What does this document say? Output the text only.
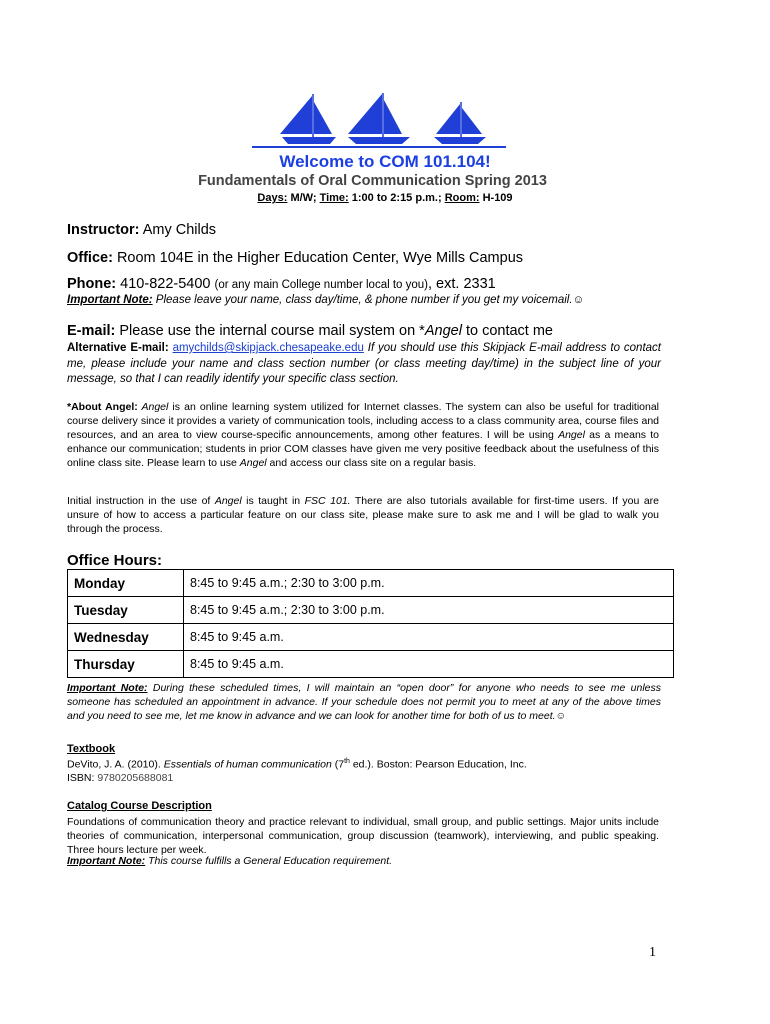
Welcome to COM 101.104!
Fundamentals of Oral Communication Spring 2013
Days: M/W; Time: 1:00 to 2:15 p.m.; Room: H-109
Instructor: Amy Childs
Office: Room 104E in the Higher Education Center, Wye Mills Campus
Phone: 410-822-5400 (or any main College number local to you), ext. 2331
Important Note: Please leave your name, class day/time, & phone number if you get my voicemail.☺
E-mail: Please use the internal course mail system on *Angel to contact me
Alternative E-mail: amychilds@skipjack.chesapeake.edu If you should use this Skipjack E-mail address to contact me, please include your name and class section number (or class meeting day/time) in the subject line of your message, so that I can readily identify your specific class section.
*About Angel: Angel is an online learning system utilized for Internet classes. The system can also be useful for traditional course delivery since it provides a variety of communication tools, including access to a class community area, course files and resources, and an area to view course-specific announcements, among other features. I will be using Angel as a means to enhance our communication; students in prior COM classes have given me very positive feedback about the usefulness of this online class site. Please learn to use Angel and access our class site on a regular basis.
Initial instruction in the use of Angel is taught in FSC 101. There are also tutorials available for first-time users. If you are unsure of how to access a particular feature on our class site, please make sure to ask me and I will be glad to walk you through the process.
Office Hours:
Monday	8:45 to 9:45 a.m.; 2:30 to 3:00 p.m.
Tuesday	8:45 to 9:45 a.m.; 2:30 to 3:00 p.m.
Wednesday	8:45 to 9:45 a.m.
Thursday	8:45 to 9:45 a.m.
Important Note: During these scheduled times, I will maintain an “open door” for anyone who needs to see me unless someone has scheduled an appointment in advance. If your schedule does not permit you to meet at any of the above times and you need to see me, let me know in advance and we can look for another time for both of us to meet.☺
Textbook
DeVito, J. A. (2010). Essentials of human communication (7th ed.). Boston: Pearson Education, Inc.
ISBN: 9780205688081
Catalog Course Description
Foundations of communication theory and practice relevant to individual, small group, and public settings. Major units include theories of communication, interpersonal communication, group discussion (teamwork), interviewing, and public speaking. Three hours lecture per week.
Important Note: This course fulfills a General Education requirement.
1
